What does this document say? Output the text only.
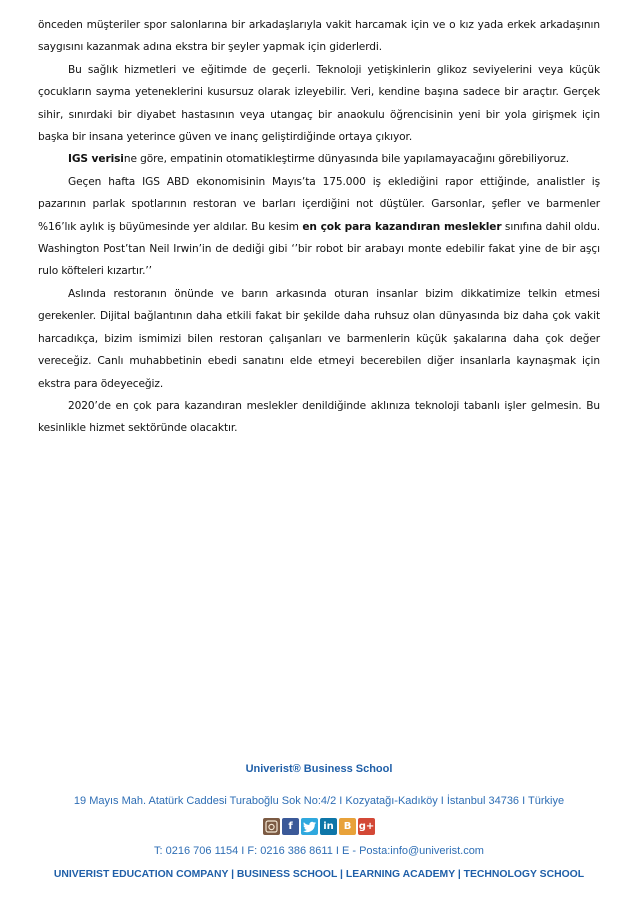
önceden müşteriler spor salonlarına bir arkadaşlarıyla vakit harcamak için ve o kız yada erkek arkadaşının saygısını kazanmak adına ekstra bir şeyler yapmak için giderlerdi.

Bu sağlık hizmetleri ve eğitimde de geçerli. Teknoloji yetişkinlerin glikoz seviyelerini veya küçük çocukların sayma yeteneklerini kusursuz olarak izleyebilir. Veri, kendine başına sadece bir araçtır. Gerçek sihir, sınırdaki bir diyabet hastasının veya utangaç bir anaokulu öğrencisinin yeni bir yola girişmek için başka bir insana yeterince güven ve inanç geliştirdiğinde ortaya çıkıyor.

IGS verisine göre, empatinin otomatikleştirme dünyasında bile yapılamayacağını görebiliyoruz.

Geçen hafta IGS ABD ekonomisinin Mayıs’ta 175.000 iş eklediğini rapor ettiğinde, analistler iş pazarının parlak spotlarının restoran ve barları içerdiğini not düştüler. Garsonlar, şefler ve barmenler %16’lık aylık iş büyümesinde yer aldılar. Bu kesim en çok para kazandıran meslekler sınıfına dahil oldu. Washington Post’tan Neil Irwin’in de dediği gibi ‘’bir robot bir arabayı monte edebilir fakat yine de bir aşçı rulo köfteleri kızartır.’’

Aslında restoranın önünde ve barın arkasında oturan insanlar bizim dikkatimize telkin etmesi gerekenler. Dijital bağlantının daha etkili fakat bir şekilde daha ruhsuz olan dünyasında biz daha çok vakit harcadıkça, bizim ismimizi bilen restoran çalışanları ve barmenlerin küçük şakalarına daha çok değer vereceğiz. Canlı muhabbetinin ebedi sanatını elde etmeyi becerebilen diğer insanlarla kaynaşmak için ekstra para ödeyeceğiz.

2020’de en çok para kazandıran meslekler denildiğinde aklınıza teknoloji tabanlı işler gelmesin. Bu kesinlikle hizmet sektöründe olacaktır.

Univerist® Business School
19 Mayıs Mah. Atatürk Caddesi Turaboğlu Sok No:4/2 I Kozyatağı-Kadıköy I İstanbul 34736 I Türkiye
f	in B g+
T: 0216 706 1154 I F: 0216 386 8611 I E - Posta:info@univerist.com
UNIVERIST EDUCATION COMPANY | BUSINESS SCHOOL | LEARNING ACADEMY | TECHNOLOGY SCHOOL
